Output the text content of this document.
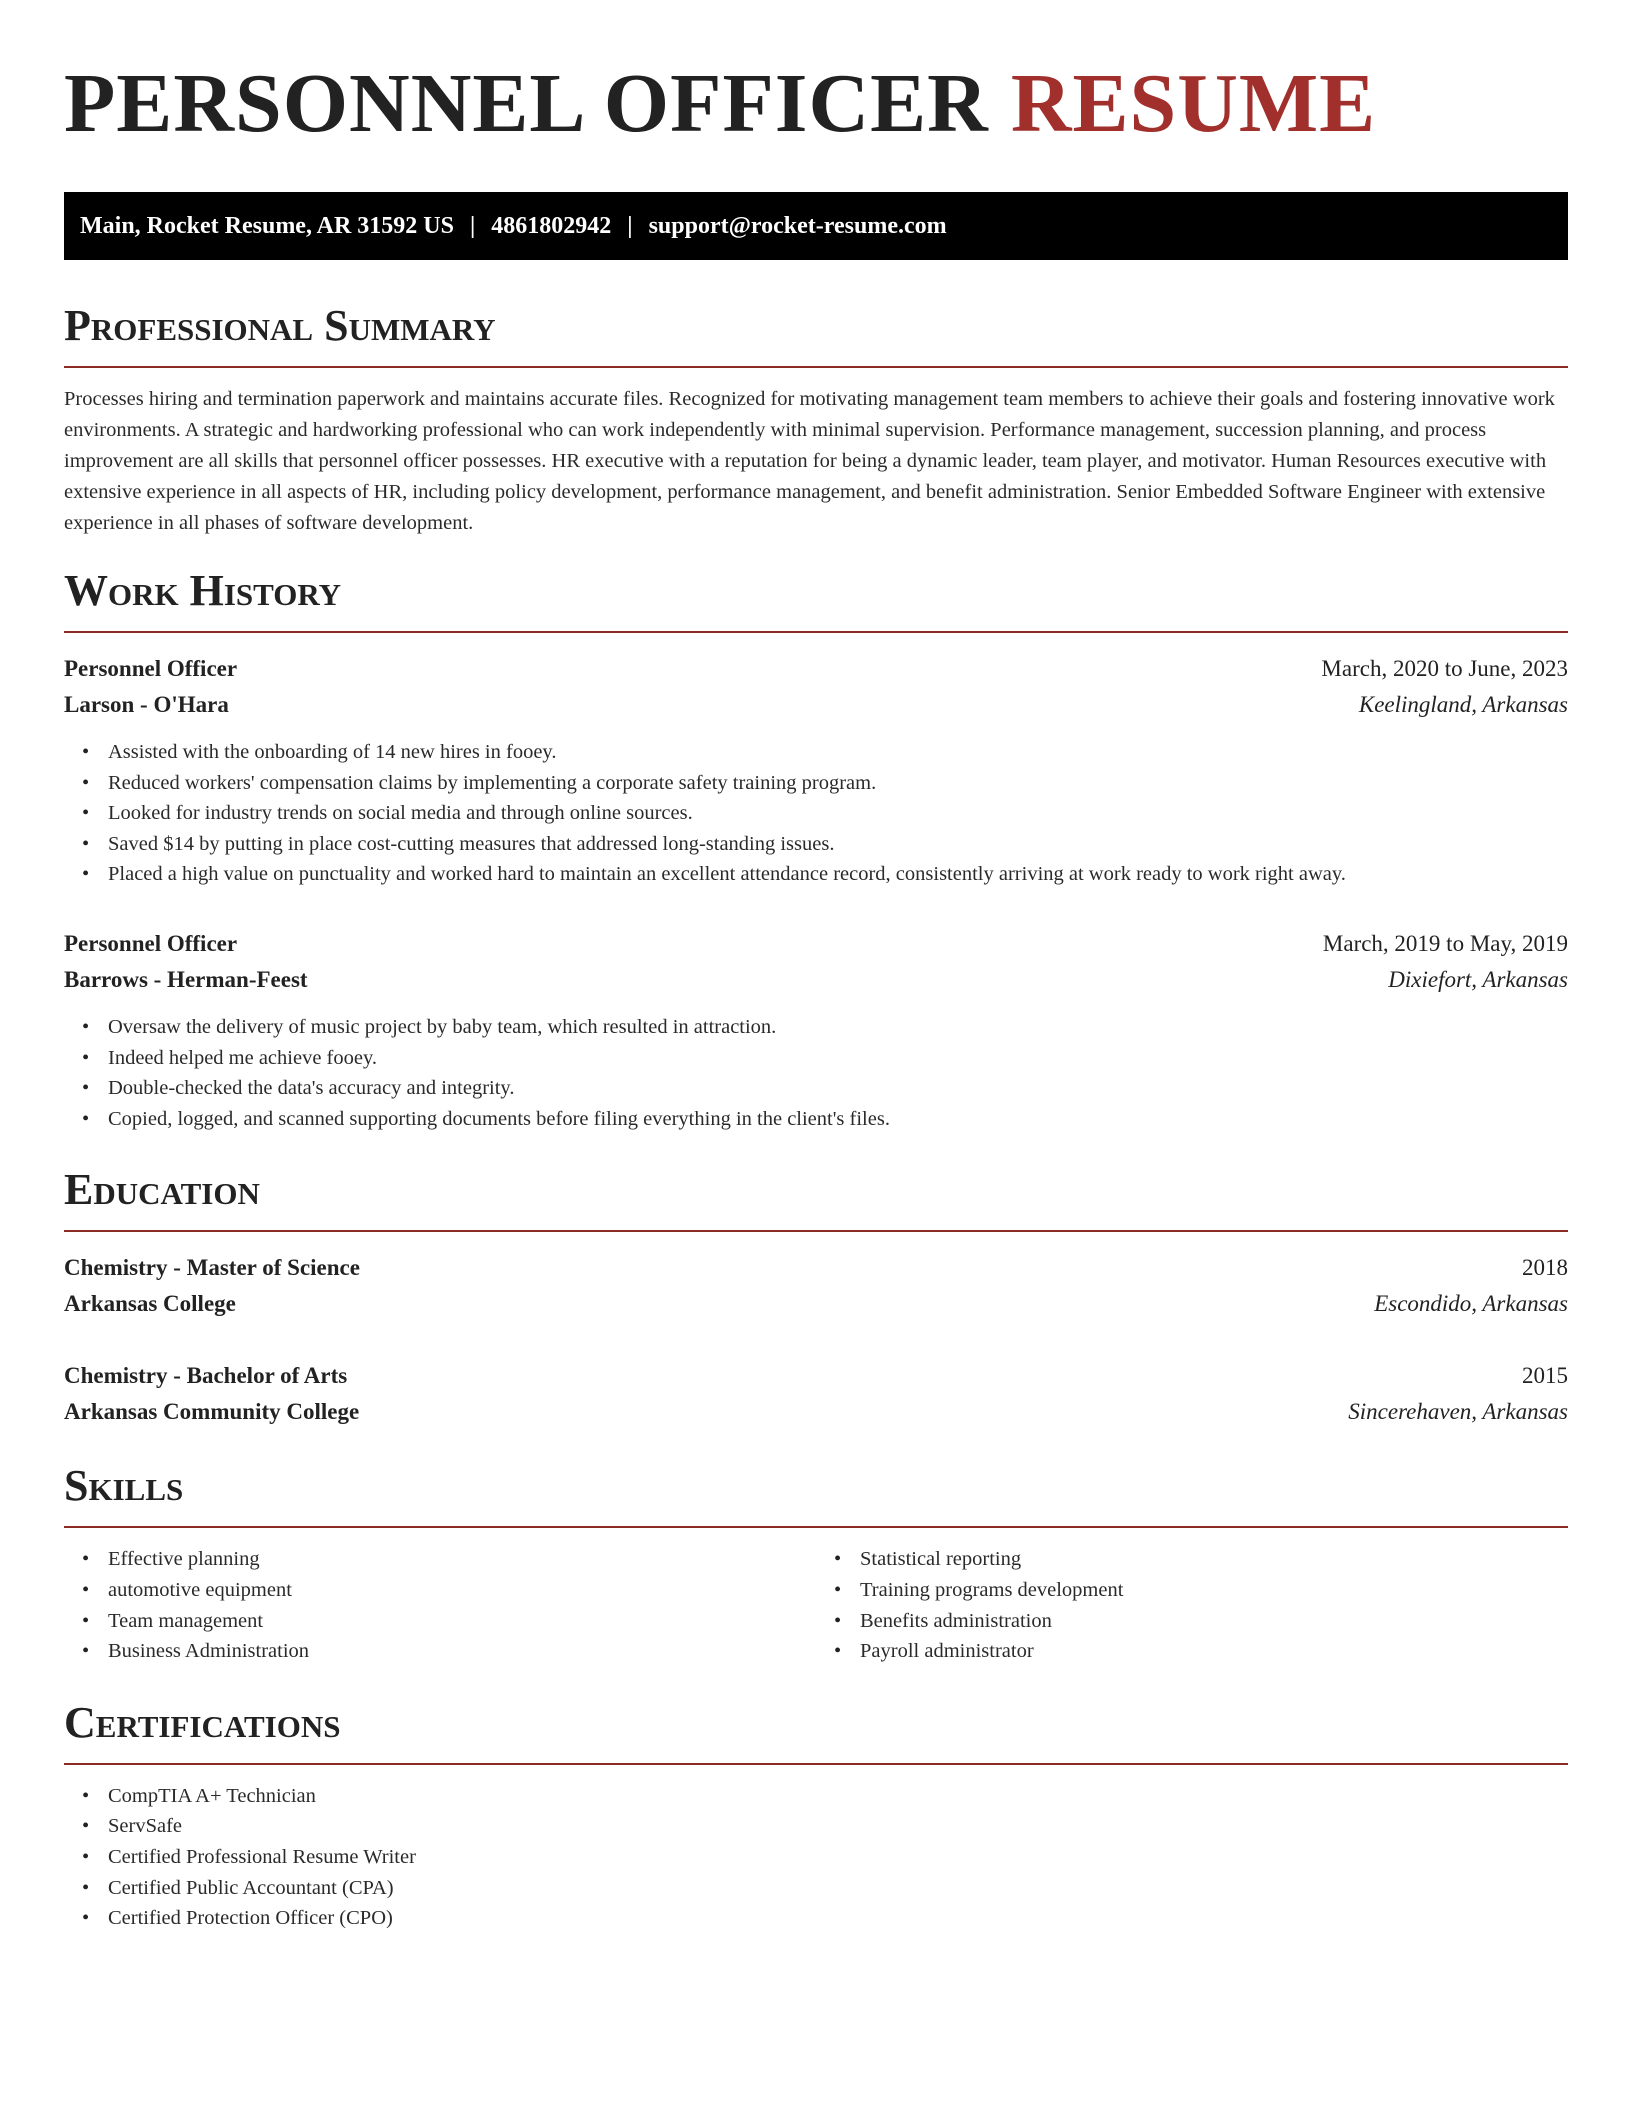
PERSONNEL OFFICER RESUME
Main, Rocket Resume, AR 31592 US | 4861802942 | support@rocket-resume.com
Professional Summary

Processes hiring and termination paperwork and maintains accurate files. Recognized for motivating management team members to achieve their goals and fostering innovative work environments. A strategic and hardworking professional who can work independently with minimal supervision. Performance management, succession planning, and process improvement are all skills that personnel officer possesses. HR executive with a reputation for being a dynamic leader, team player, and motivator. Human Resources executive with extensive experience in all aspects of HR, including policy development, performance management, and benefit administration. Senior Embedded Software Engineer with extensive experience in all phases of software development.

Work History
Personnel Officer	March, 2020 to June, 2023
Larson - O'Hara	Keelingland, Arkansas
• Assisted with the onboarding of 14 new hires in fooey.
• Reduced workers' compensation claims by implementing a corporate safety training program.
• Looked for industry trends on social media and through online sources.
• Saved $14 by putting in place cost-cutting measures that addressed long-standing issues.
• Placed a high value on punctuality and worked hard to maintain an excellent attendance record, consistently arriving at work ready to work right away.
Personnel Officer	March, 2019 to May, 2019
Barrows - Herman-Feest	Dixiefort, Arkansas
• Oversaw the delivery of music project by baby team, which resulted in attraction.
• Indeed helped me achieve fooey.
• Double-checked the data's accuracy and integrity.
• Copied, logged, and scanned supporting documents before filing everything in the client's files.
Education
Chemistry - Master of Science	2018
Arkansas College	Escondido, Arkansas
Chemistry - Bachelor of Arts	2015
Arkansas Community College	Sincerehaven, Arkansas
Skills
• Effective planning
• automotive equipment
• Team management
• Business Administration
• Statistical reporting
• Training programs development
• Benefits administration
• Payroll administrator
Certifications
• CompTIA A+ Technician
• ServSafe
• Certified Professional Resume Writer
• Certified Public Accountant (CPA)
• Certified Protection Officer (CPO)
